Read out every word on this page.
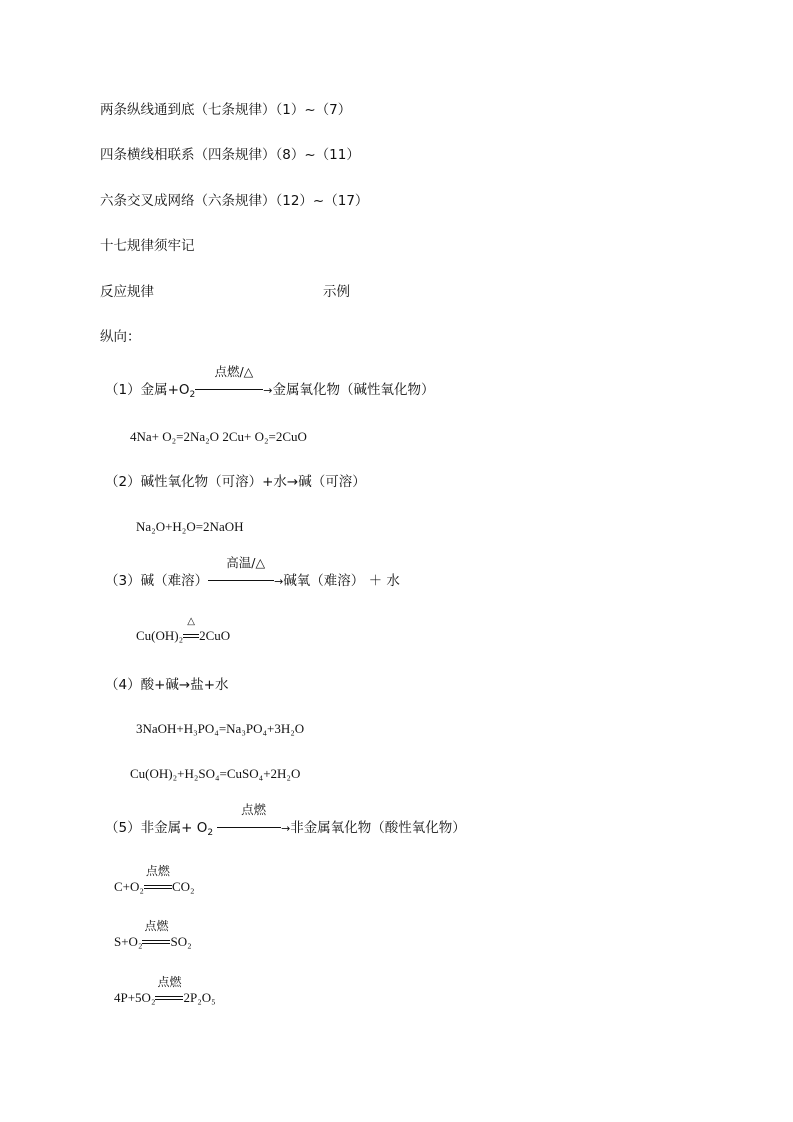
两条纵线通到底（七条规律）（1）~（7）
四条横线相联系（四条规律）（8）~（11）
六条交叉成网络（六条规律）（12）~（17）
十七规律须牢记
反应规律	示例
纵向：
（1）金属$+O_2$
点燃/△
→金属氧化物（碱性氧化物）
4Na+ O₂=2Na₂O 2Cu+ O₂=2CuO
（2）碱性氧化物（可溶）+水→碱（可溶）
Na₂O+H₂O=2NaOH
（3）碱（难溶）
高温/△
→碱氧（难溶） ＋ 水
Cu(OH)₂
△
2CuO
（4）酸+碱→盐+水
3NaOH+H₃PO₄=Na₃PO₄+3H₂O
Cu(OH)₂+H₂SO₄=CuSO₄+2H₂O
（5）非金属+ $O_2$
点燃
→非金属氧化物（酸性氧化物）
C+O₂
点燃
CO₂
S+O₂
点燃
SO₂
4P+5O₂
点燃
2P₂O₅
